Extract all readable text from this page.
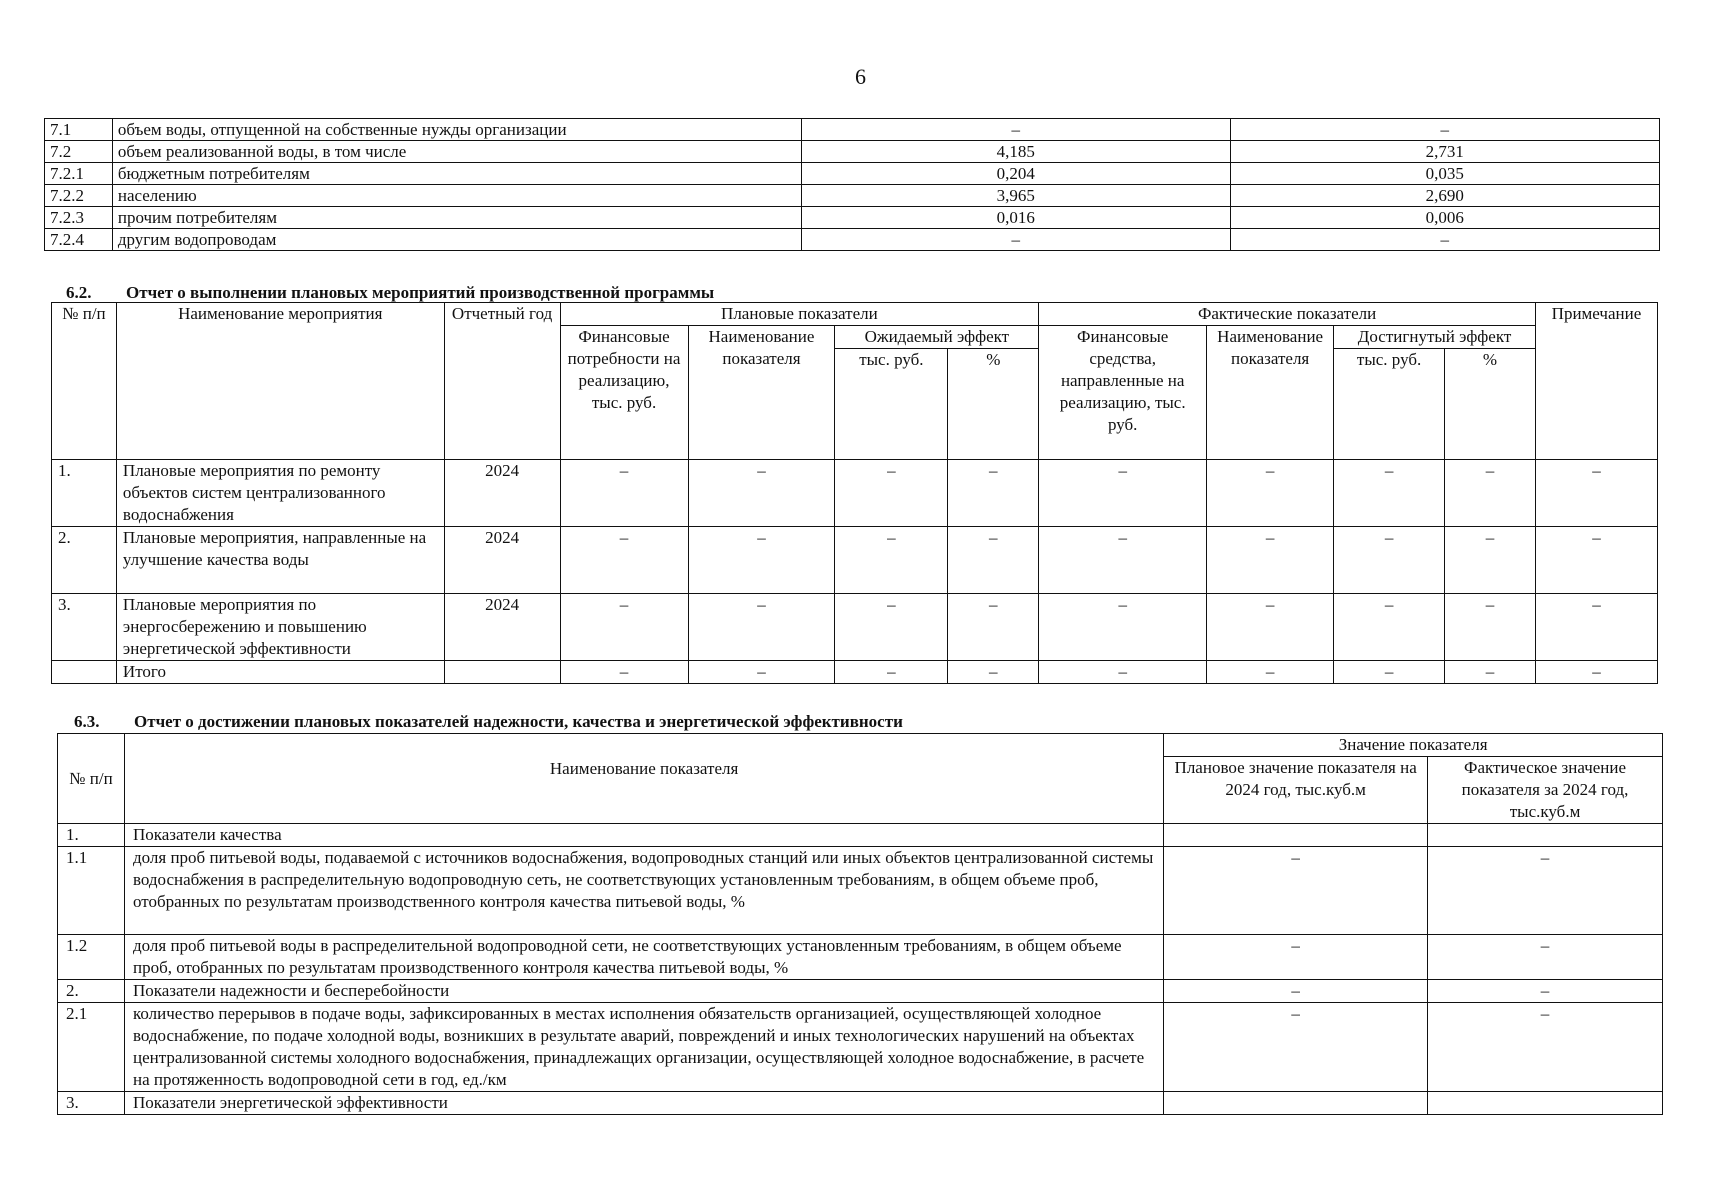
6
7.1	объем воды, отпущенной на собственные нужды организации	–	–
7.2	объем реализованной воды, в том числе	4,185	2,731
7.2.1	бюджетным потребителям	0,204	0,035
7.2.2	населению	3,965	2,690
7.2.3	прочим потребителям	0,016	0,006
7.2.4	другим водопроводам	–	–
6.2. Отчет о выполнении плановых мероприятий производственной программы
№ п/п	Наименование мероприятия	Отчетный год	Плановые показатели				Фактические показатели				Примечание
			Финансовые потребности на реализацию, тыс. руб.	Наименование показателя	Ожидаемый эффект		Финансовые средства, направленные на реализацию, тыс. руб.	Наименование показателя	Достигнутый эффект		
					тыс. руб.	%			тыс. руб.	%	
1.	Плановые мероприятия по ремонту объектов систем централизованного водоснабжения	2024	–	–	–	–	–	–	–	–	–
2.	Плановые мероприятия, направленные на улучшение качества воды	2024	–	–	–	–	–	–	–	–	–
3.	Плановые мероприятия по энергосбережению и повышению энергетической эффективности	2024	–	–	–	–	–	–	–	–	–
	Итого		–	–	–	–	–	–	–	–	–
6.3. Отчет о достижении плановых показателей надежности, качества и энергетической эффективности
№ п/п	Наименование показателя	Значение показателя	
		Плановое значение показателя на 2024 год, тыс.куб.м	Фактическое значение показателя за 2024 год, тыс.куб.м
1.	Показатели качества		
1.1	доля проб питьевой воды, подаваемой с источников водоснабжения, водопроводных станций или иных объектов централизованной системы водоснабжения в распределительную водопроводную сеть, не соответствующих установленным требованиям, в общем объеме проб, отобранных по результатам производственного контроля качества питьевой воды, %	–	–
1.2	доля проб питьевой воды в распределительной водопроводной сети, не соответствующих установленным требованиям, в общем объеме проб, отобранных по результатам производственного контроля качества питьевой воды, %	–	–
2.	Показатели надежности и бесперебойности	–	–
2.1	количество перерывов в подаче воды, зафиксированных в местах исполнения обязательств организацией, осуществляющей холодное водоснабжение, по подаче холодной воды, возникших в результате аварий, повреждений и иных технологических нарушений на объектах централизованной системы холодного водоснабжения, принадлежащих организации, осуществляющей холодное водоснабжение, в расчете на протяженность водопроводной сети в год, ед./км	–	–
3.	Показатели энергетической эффективности		
